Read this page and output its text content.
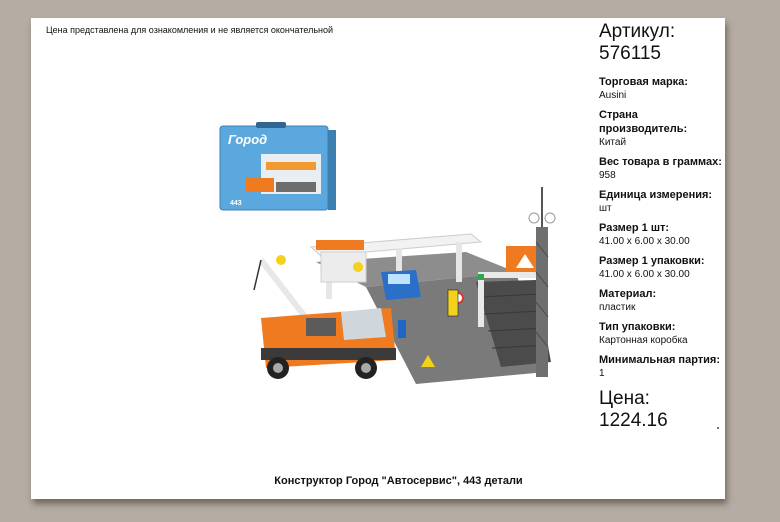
Цена представлена для ознакомления и не является окончательной
Город
443
Конструктор Город "Автосервис", 443 детали
Артикул:
576115
Торговая марка:
Ausini
Страна производитель:
Китай
Вес товара в граммах:
958
Единица измерения:
шт
Размер 1 шт:
41.00 x 6.00 x 30.00
Размер 1 упаковки:
41.00 x 6.00 x 30.00
Материал:
пластик
Тип упаковки:
Картонная коробка
Минимальная партия:
1
Цена:
1224.16
